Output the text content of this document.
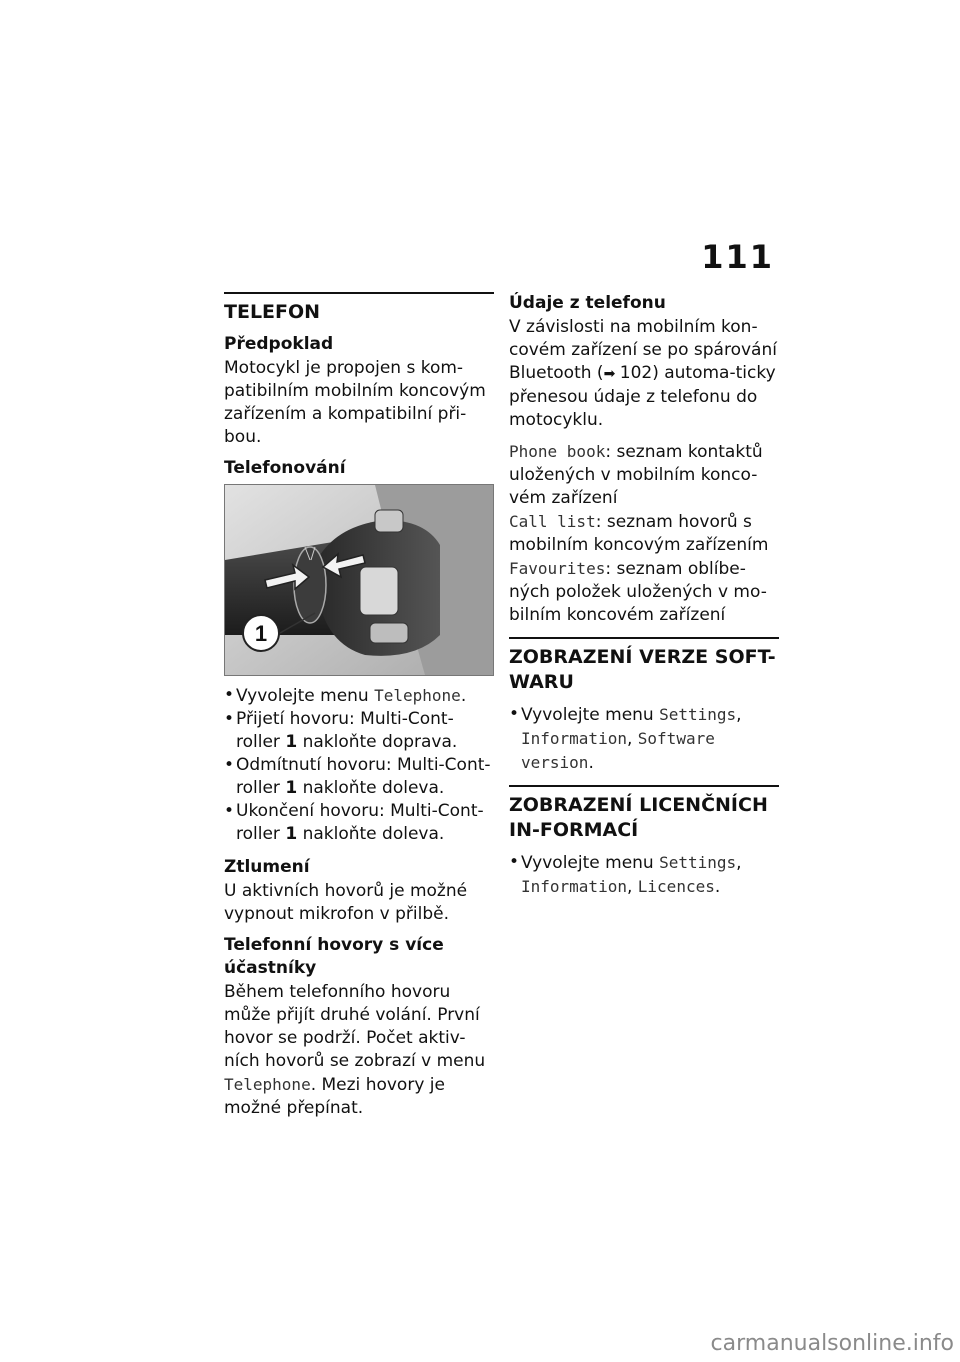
111
TELEFON
Předpoklad
Motocykl je propojen s kom-patibilním mobilním koncovým zařízením a kompatibilní při-bou.
Telefonování
1
• Vyvolejte menu Telephone.
• Přijetí hovoru: Multi-Cont-roller 1 nakloňte doprava.
• Odmítnutí hovoru: Multi-Cont-roller 1 nakloňte doleva.
• Ukončení hovoru: Multi-Cont-roller 1 nakloňte doleva.
Ztlumení
U aktivních hovorů je možné vypnout mikrofon v přilbě.
Telefonní hovory s více účastníky
Během telefonního hovoru může přijít druhé volání. První hovor se podrží. Počet aktiv-ních hovorů se zobrazí v menu Telephone. Mezi hovory je možné přepínat.
Údaje z telefonu
V závislosti na mobilním kon-covém zařízení se po spárování Bluetooth (➡ 102) automa-ticky přenesou údaje z telefonu do motocyklu.
Phone book: seznam kontaktů uložených v mobilním konco-vém zařízení
Call list: seznam hovorů s mobilním koncovým zařízením
Favourites: seznam oblíbe-ných položek uložených v mo-bilním koncovém zařízení
ZOBRAZENÍ VERZE SOFT-WARU
• Vyvolejte menu Settings, Information, Software version.
ZOBRAZENÍ LICENČNÍCH IN-FORMACÍ
• Vyvolejte menu Settings, Information, Licences.
carmanualsonline.info
